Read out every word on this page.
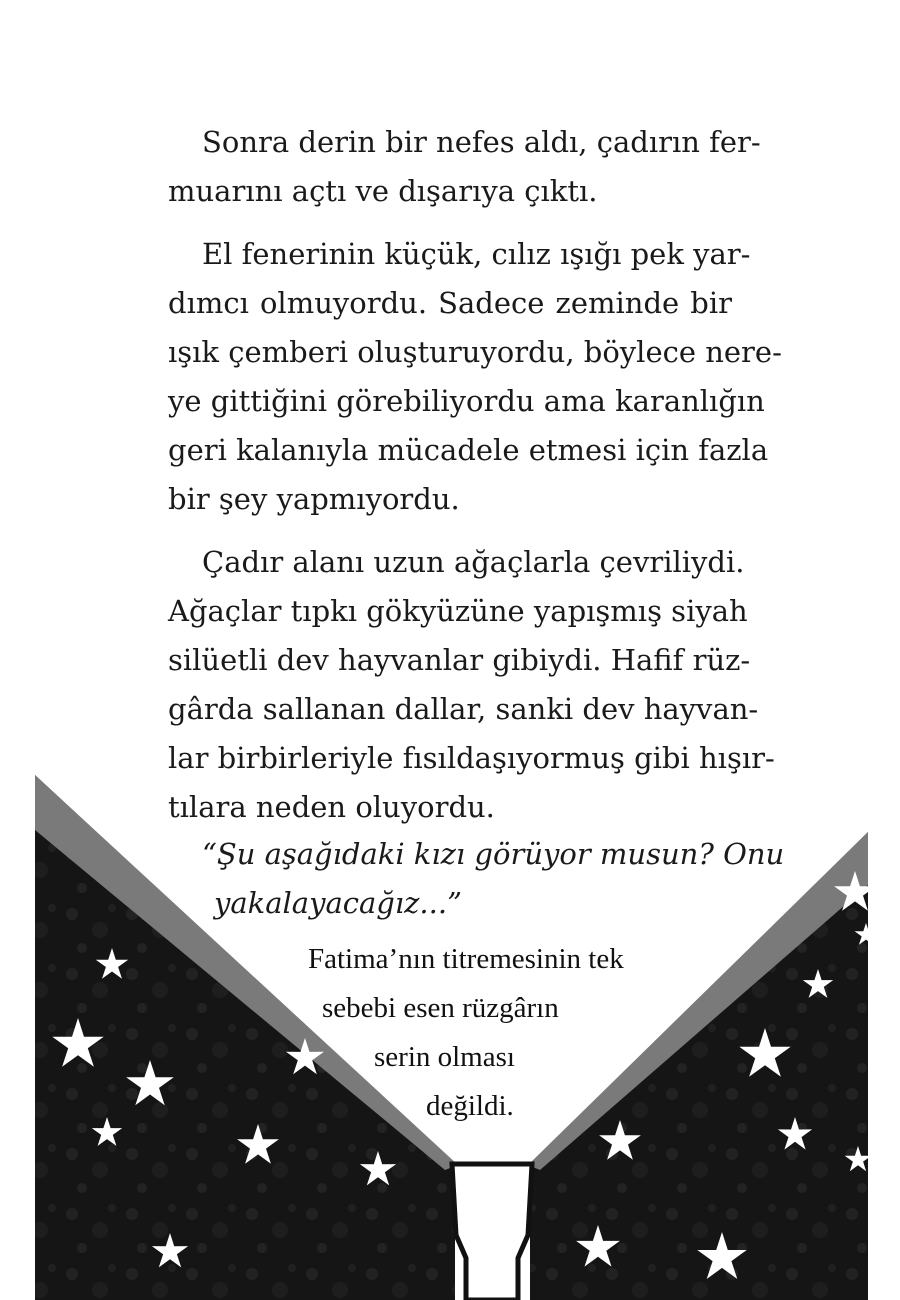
Sonra derin bir nefes aldı, çadırın fer-
muarını açtı ve dışarıya çıktı.
El fenerinin küçük, cılız ışığı pek yar-
dımcı olmuyordu. Sadece zeminde bir
ışık çemberi oluşturuyordu, böylece nere-
ye gittiğini görebiliyordu ama karanlığın
geri kalanıyla mücadele etmesi için fazla
bir şey yapmıyordu.
Çadır alanı uzun ağaçlarla çevriliydi.
Ağaçlar tıpkı gökyüzüne yapışmış siyah
silüetli dev hayvanlar gibiydi. Hafif rüz-
gârda sallanan dallar, sanki dev hayvan-
lar birbirleriyle fısıldaşıyormuş gibi hışır-
tılara neden oluyordu.
“Şu aşağıdaki kızı görüyor musun? Onu
yakalayacağız...”
Fatima’nın titremesinin tek
sebebi esen rüzgârın
serin olması
değildi.
